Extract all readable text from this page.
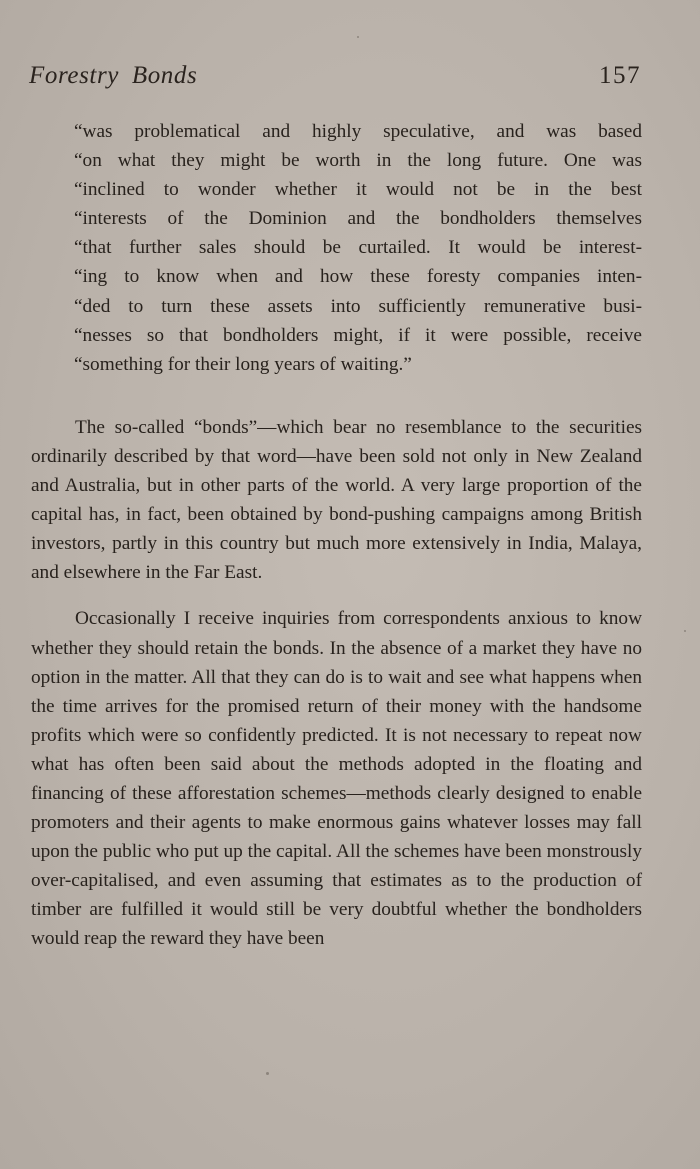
Forestry Bonds	157
“was problematical and highly speculative, and was based
“on what they might be worth in the long future. One was
“inclined to wonder whether it would not be in the best
“interests of the Dominion and the bondholders themselves
“that further sales should be curtailed. It would be interest-
“ing to know when and how these foresty companies inten-
“ded to turn these assets into sufficiently remunerative busi-
“nesses so that bondholders might, if it were possible, receive
“something for their long years of waiting.”

The so-called “bonds”—which bear no resemblance to the securities ordinarily described by that word—have been sold not only in New Zealand and Australia, but in other parts of the world. A very large proportion of the capital has, in fact, been obtained by bond-pushing campaigns among British investors, partly in this country but much more extensively in India, Malaya, and elsewhere in the Far East.

Occasionally I receive inquiries from correspondents anxious to know whether they should retain the bonds. In the absence of a market they have no option in the matter. All that they can do is to wait and see what happens when the time arrives for the promised return of their money with the handsome profits which were so confidently predicted. It is not necessary to repeat now what has often been said about the methods adopted in the floating and financing of these afforestation schemes—methods clearly designed to enable promoters and their agents to make enormous gains whatever losses may fall upon the public who put up the capital. All the schemes have been monstrously over-capitalised, and even assuming that estimates as to the production of timber are fulfilled it would still be very doubtful whether the bondholders would reap the reward they have been
